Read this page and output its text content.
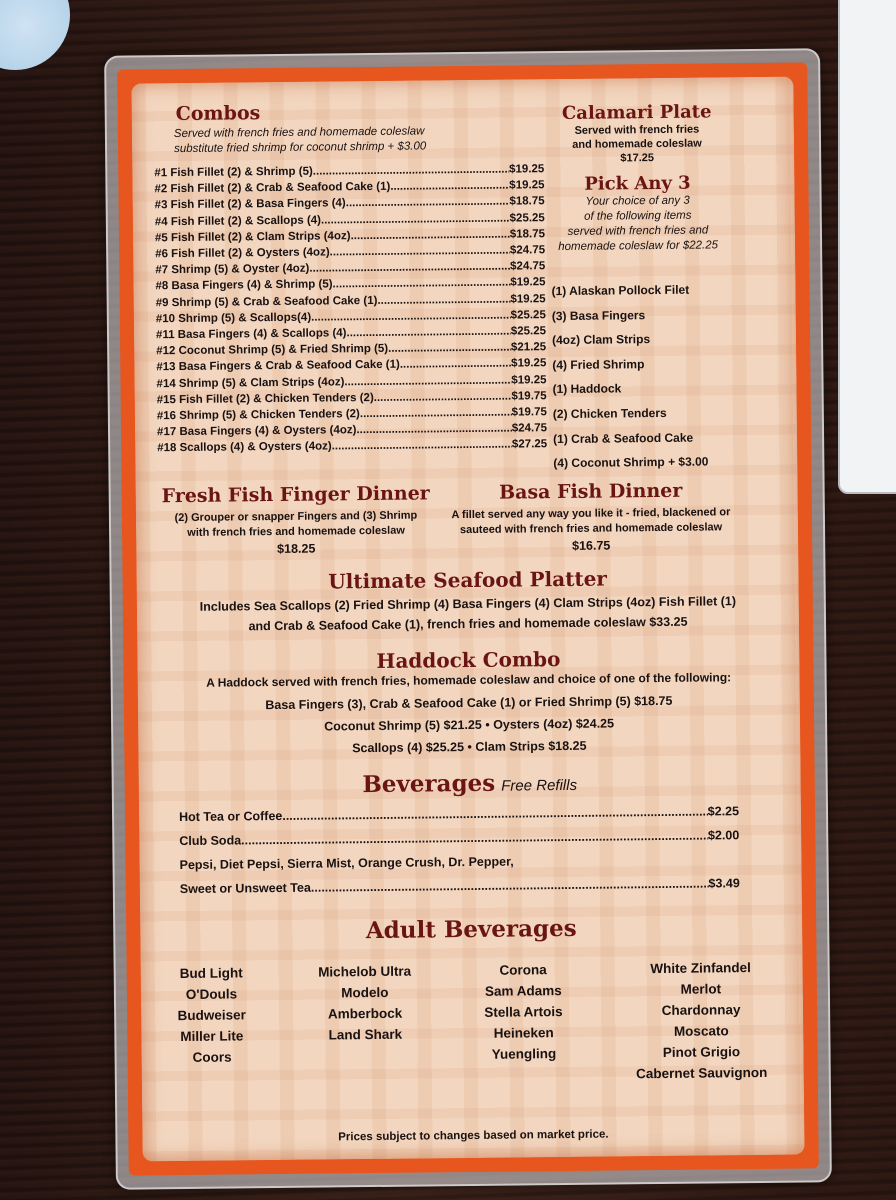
Combos
Served with french fries and homemade coleslaw
substitute fried shrimp for coconut shrimp + $3.00
#1 Fish Fillet (2) & Shrimp (5) .....	$19.25
#2 Fish Fillet (2) & Crab & Seafood Cake (1) .....	$19.25
#3 Fish Fillet (2) & Basa Fingers (4) .....	$18.75
#4 Fish Fillet (2) & Scallops (4) .....	$25.25
#5 Fish Fillet (2) & Clam Strips (4oz) .....	$18.75
#6 Fish Fillet (2) & Oysters (4oz) .....	$24.75
#7 Shrimp (5) & Oyster (4oz) .....	$24.75
#8 Basa Fingers (4) & Shrimp (5) .....	$19.25
#9 Shrimp (5) & Crab & Seafood Cake (1) .....	$19.25
#10 Shrimp (5) & Scallops(4) .....	$25.25
#11 Basa Fingers (4) & Scallops (4) .....	$25.25
#12 Coconut Shrimp (5) & Fried Shrimp (5) .....	$21.25
#13 Basa Fingers & Crab & Seafood Cake (1) .....	$19.25
#14 Shrimp (5) & Clam Strips (4oz) .....	$19.25
#15 Fish Fillet (2) & Chicken Tenders (2) .....	$19.75
#16 Shrimp (5) & Chicken Tenders (2) .....	$19.75
#17 Basa Fingers (4) & Oysters (4oz) .....	$24.75
#18 Scallops (4) & Oysters (4oz) .....	$27.25
Calamari Plate
Served with french fries
and homemade coleslaw
$17.25
Pick Any 3
Your choice of any 3
of the following items
served with french fries and
homemade coleslaw for $22.25
(1) Alaskan Pollock Filet
(3) Basa Fingers
(4oz) Clam Strips
(4) Fried Shrimp
(1) Haddock
(2) Chicken Tenders
(1) Crab & Seafood Cake
(4) Coconut Shrimp + $3.00
Fresh Fish Finger Dinner
(2) Grouper or snapper Fingers and (3) Shrimp
with french fries and homemade coleslaw
$18.25
Basa Fish Dinner
A fillet served any way you like it - fried, blackened or
sauteed with french fries and homemade coleslaw
$16.75
Ultimate Seafood Platter
Includes Sea Scallops (2) Fried Shrimp (4) Basa Fingers (4) Clam Strips (4oz) Fish Fillet (1)
and Crab & Seafood Cake (1), french fries and homemade coleslaw $33.25
Haddock Combo
A Haddock served with french fries, homemade coleslaw and choice of one of the following:
Basa Fingers (3), Crab & Seafood Cake (1) or Fried Shrimp (5) $18.75
Coconut Shrimp (5) $21.25 • Oysters (4oz) $24.25
Scallops (4) $25.25 • Clam Strips $18.25
Beverages Free Refills
Hot Tea or Coffee .....	$2.25
Club Soda .....	$2.00
Pepsi, Diet Pepsi, Sierra Mist, Orange Crush, Dr. Pepper,
Sweet or Unsweet Tea .....	$3.49
Adult Beverages
Bud Light
O'Douls
Budweiser
Miller Lite
Coors
Michelob Ultra
Modelo
Amberbock
Land Shark
Corona
Sam Adams
Stella Artois
Heineken
Yuengling
White Zinfandel
Merlot
Chardonnay
Moscato
Pinot Grigio
Cabernet Sauvignon
Prices subject to changes based on market price.
